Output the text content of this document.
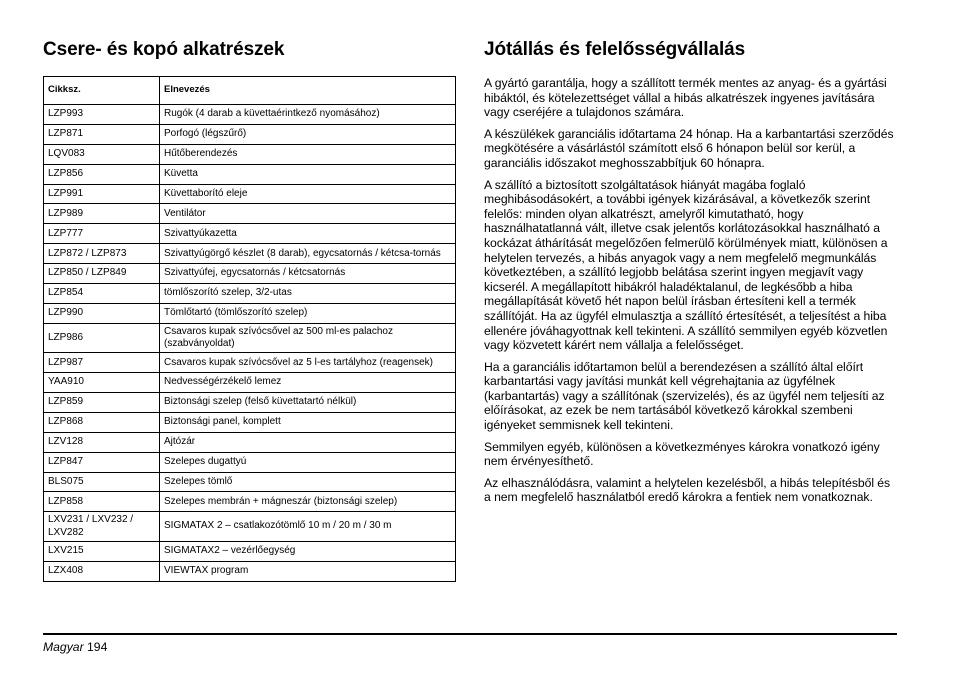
Csere- és kopó alkatrészek
Cikksz.	Elnevezés
LZP993	Rugók (4 darab a küvettaérintkező nyomásához)
LZP871	Porfogó (légszűrő)
LQV083	Hűtőberendezés
LZP856	Küvetta
LZP991	Küvettaborító eleje
LZP989	Ventilátor
LZP777	Szivattyúkazetta
LZP872 / LZP873	Szivattyúgörgő készlet (8 darab), egycsatornás / kétcsa-tornás
LZP850 / LZP849	Szivattyúfej, egycsatornás / kétcsatornás
LZP854	tömlőszorító szelep, 3/2-utas
LZP990	Tömlőtartó (tömlőszorító szelep)
LZP986	Csavaros kupak szívócsővel az 500 ml-es palachoz (szabványoldat)
LZP987	Csavaros kupak szívócsővel az 5 l-es tartályhoz (reagensek)
YAA910	Nedvességérzékelő lemez
LZP859	Biztonsági szelep (felső küvettatartó nélkül)
LZP868	Biztonsági panel, komplett
LZV128	Ajtózár
LZP847	Szelepes dugattyú
BLS075	Szelepes tömlő
LZP858	Szelepes membrán + mágneszár (biztonsági szelep)
LXV231 / LXV232 / LXV282	SIGMATAX 2 – csatlakozótömlő 10 m / 20 m / 30 m
LXV215	SIGMATAX2 – vezérlőegység
LZX408	VIEWTAX program
Jótállás és felelősségvállalás

A gyártó garantálja, hogy a szállított termék mentes az anyag- és a gyártási hibáktól, és kötelezettséget vállal a hibás alkatrészek ingyenes javítására vagy cseréjére a tulajdonos számára.

A készülékek garanciális időtartama 24 hónap. Ha a karbantartási szerződés megkötésére a vásárlástól számított első 6 hónapon belül sor kerül, a garanciális időszakot meghosszabbítjuk 60 hónapra.

A szállító a biztosított szolgáltatások hiányát magába foglaló meghibásodásokért, a további igények kizárásával, a következők szerint felelős: minden olyan alkatrészt, amelyről kimutatható, hogy használhatatlanná vált, illetve csak jelentős korlátozásokkal használható a kockázat áthárítását megelőzően felmerülő körülmények miatt, különösen a helytelen tervezés, a hibás anyagok vagy a nem megfelelő megmunkálás következtében, a szállító legjobb belátása szerint ingyen megjavít vagy kicserél. A megállapított hibákról haladéktalanul, de legkésőbb a hiba megállapítását követő hét napon belül írásban értesíteni kell a termék szállítóját. Ha az ügyfél elmulasztja a szállító értesítését, a teljesítést a hiba ellenére jóváhagyottnak kell tekinteni. A szállító semmilyen egyéb közvetlen vagy közvetett kárért nem vállalja a felelősséget.

Ha a garanciális időtartamon belül a berendezésen a szállító által előírt karbantartási vagy javítási munkát kell végrehajtania az ügyfélnek (karbantartás) vagy a szállítónak (szervizelés), és az ügyfél nem teljesíti az előírásokat, az ezek be nem tartásából következő károkkal szembeni igényeket semmisnek kell tekinteni.

Semmilyen egyéb, különösen a következményes károkra vonatkozó igény nem érvényesíthető.

Az elhasználódásra, valamint a helytelen kezelésből, a hibás telepítésből és a nem megfelelő használatból eredő károkra a fentiek nem vonatkoznak.

Magyar 194
